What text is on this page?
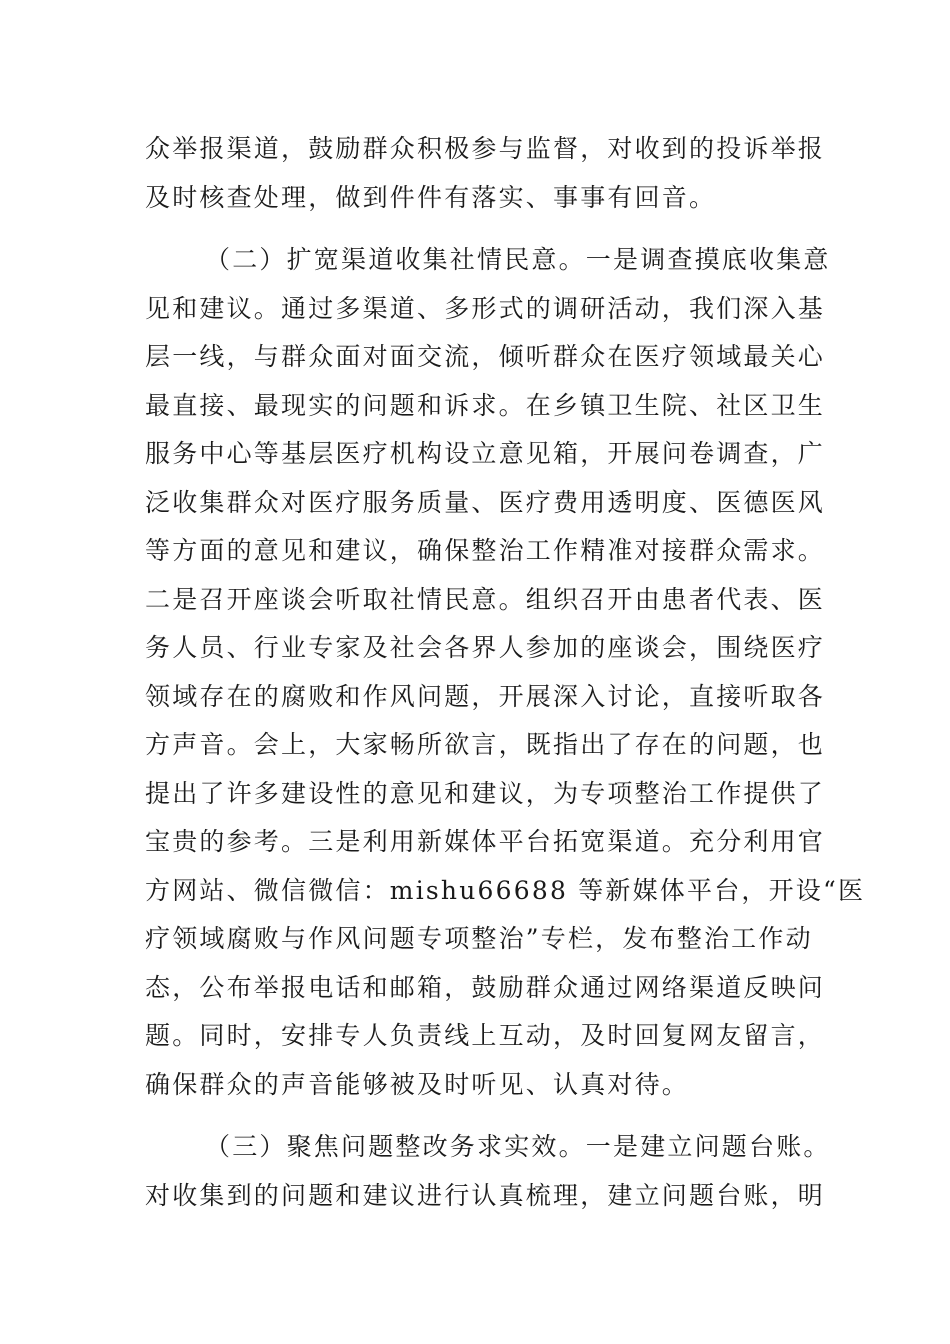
众举报渠道，鼓励群众积极参与监督，对收到的投诉举报
及时核查处理，做到件件有落实、事事有回音。
（二）扩宽渠道收集社情民意。一是调查摸底收集意
见和建议。通过多渠道、多形式的调研活动，我们深入基
层一线，与群众面对面交流，倾听群众在医疗领域最关心
最直接、最现实的问题和诉求。在乡镇卫生院、社区卫生
服务中心等基层医疗机构设立意见箱，开展问卷调查，广
泛收集群众对医疗服务质量、医疗费用透明度、医德医风
等方面的意见和建议，确保整治工作精准对接群众需求。
二是召开座谈会听取社情民意。组织召开由患者代表、医
务人员、行业专家及社会各界人参加的座谈会，围绕医疗
领域存在的腐败和作风问题，开展深入讨论，直接听取各
方声音。会上，大家畅所欲言，既指出了存在的问题，也
提出了许多建设性的意见和建议，为专项整治工作提供了
宝贵的参考。三是利用新媒体平台拓宽渠道。充分利用官
方网站、微信微信：mishu66688 等新媒体平台，开设“医
疗领域腐败与作风问题专项整治”专栏，发布整治工作动
态，公布举报电话和邮箱，鼓励群众通过网络渠道反映问
题。同时，安排专人负责线上互动，及时回复网友留言，
确保群众的声音能够被及时听见、认真对待。
（三）聚焦问题整改务求实效。一是建立问题台账。
对收集到的问题和建议进行认真梳理，建立问题台账，明
